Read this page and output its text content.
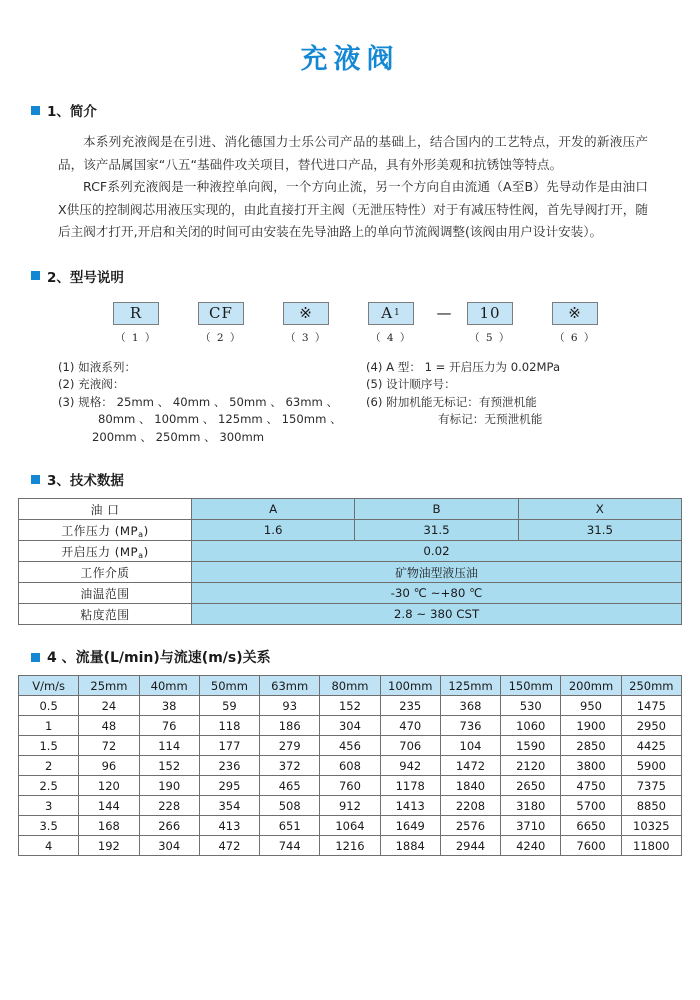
充液阀
1、简介

本系列充液阀是在引进、消化德国力士乐公司产品的基础上，结合国内的工艺特点，开发的新液压产品，该产品属国家“八五“基础件攻关项目，替代进口产品，具有外形美观和抗锈蚀等特点。

RCF系列充液阀是一种液控单向阀，一个方向止流，另一个方向自由流通（A至B）先导动作是由油口X供压的控制阀芯用液压实现的，由此直接打开主阀（无泄压特性）对于有减压特性阀，首先导阀打开，随后主阀才打开,开启和关闭的时间可由安装在先导油路上的单向节流阀调整(该阀由用户设计安装）。

2、型号说明
R
（ 1 ）
CF
（ 2 ）
※
（ 3 ）
A 1
（ 4 ）
—	10
（ 5 ）
※
（ 6 ）
(1) 如液系列：
(2) 充液阀：
(3) 规格： 25mm 、 40mm 、 50mm 、 63mm 、
80mm 、 100mm 、 125mm 、 150mm 、
200mm 、 250mm 、 300mm
(4) A 型： 1 = 开启压力为 0.02MPa
(5) 设计顺序号：
(6) 附加机能无标记：有预泄机能
有标记：无预泄机能
3、技术数据
油 口	A	B	X
工作压力 (MPa)	1.6	31.5	31.5
开启压力 (MPa)	0.02		
工作介质	矿物油型液压油		
油温范围	-30 ℃ ~+80 ℃		
粘度范围	2.8 ~ 380 CST		
4 、流量(L/min)与流速(m/s)关系
V/m/s	25mm	40mm	50mm	63mm	80mm	100mm	125mm	150mm	200mm	250mm
0.5	24	38	59	93	152	235	368	530	950	1475
1	48	76	118	186	304	470	736	1060	1900	2950
1.5	72	114	177	279	456	706	104	1590	2850	4425
2	96	152	236	372	608	942	1472	2120	3800	5900
2.5	120	190	295	465	760	1178	1840	2650	4750	7375
3	144	228	354	508	912	1413	2208	3180	5700	8850
3.5	168	266	413	651	1064	1649	2576	3710	6650	10325
4	192	304	472	744	1216	1884	2944	4240	7600	11800
